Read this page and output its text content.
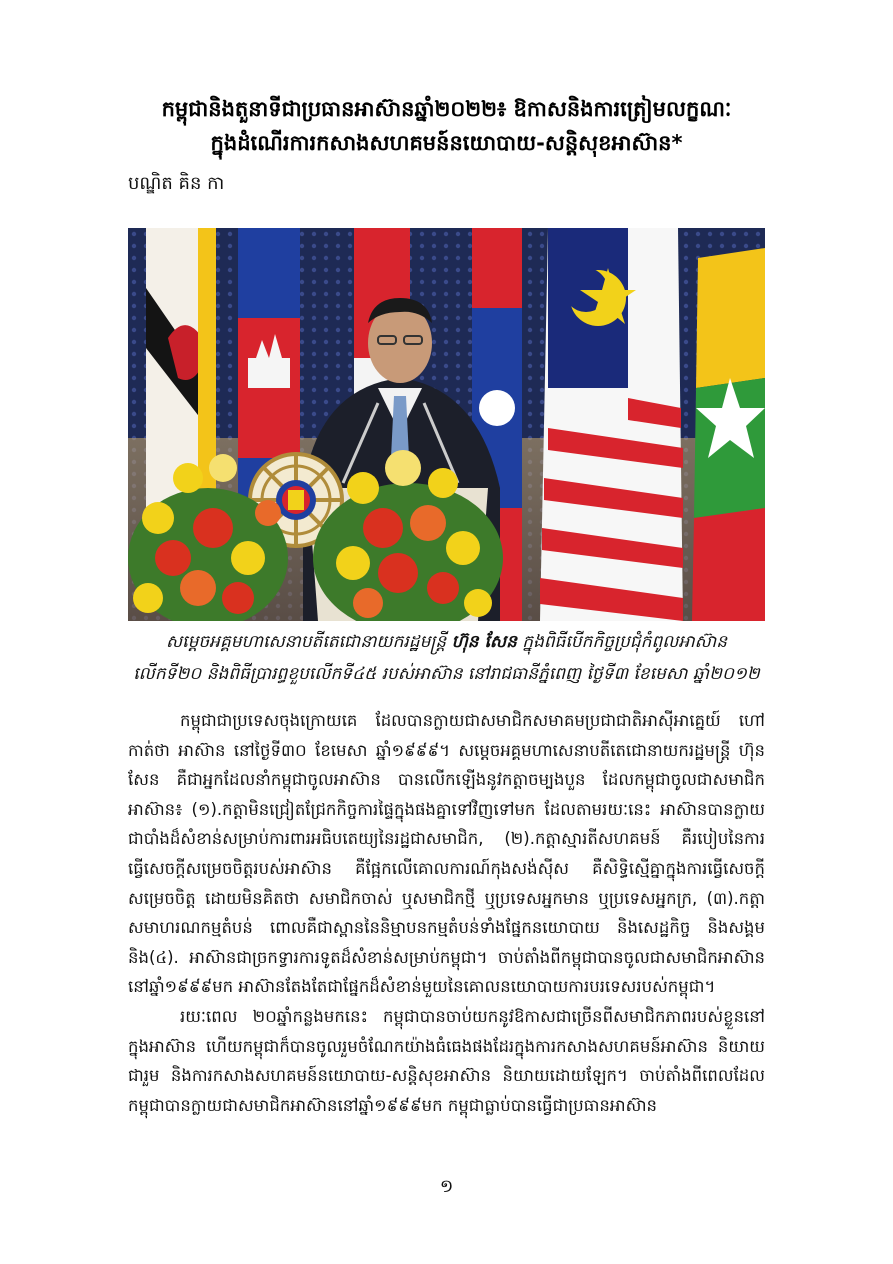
កម្ពុជានិងតួនាទីជាប្រធានអាស៊ានឆ្នាំ២០២២៖ ឱកាសនិងការត្រៀមលក្ខណៈ
ក្នុងដំណើរការកសាងសហគមន៍នយោបាយ-សន្តិសុខអាស៊ាន*
បណ្ឌិត គិន កា
សម្តេចអគ្គមហាសេនាបតីតេជោនាយករដ្ឋមន្ត្រី ហ៊ុន សែន ក្នុងពិធីបើកកិច្ចប្រជុំកំពូលអាស៊ាន
លើកទី២០ និងពិធីប្រារព្ធខួបលើកទី៤៥ របស់អាស៊ាន នៅរាជធានីភ្នំពេញ ថ្ងៃទី៣ ខែមេសា ឆ្នាំ២០១២

កម្ពុជាជាប្រទេសចុងក្រោយគេ ដែលបានក្លាយជាសមាជិកសមាគមប្រជាជាតិអាស៊ីអាគ្នេយ៍ ហៅកាត់ថា អាស៊ាន នៅថ្ងៃទី៣០ ខែមេសា ឆ្នាំ១៩៩៩។ សម្តេចអគ្គមហាសេនាបតីតេជោនាយករដ្ឋមន្ត្រី ហ៊ុន សែន គឺជាអ្នកដែលនាំកម្ពុជាចូលអាស៊ាន បានលើកឡើងនូវកត្តាចម្បងបួន ដែលកម្ពុជាចូលជាសមាជិកអាស៊ាន៖ (១).កត្តាមិនជ្រៀតជ្រែកកិច្ចការផ្ទៃក្នុងផងគ្នាទៅវិញទៅមក ដែលតាមរយៈនេះ អាស៊ានបានក្លាយជាបាំងដ៏សំខាន់សម្រាប់ការពារអធិបតេយ្យនៃរដ្ឋជាសមាជិក, (២).កត្តាស្មារតីសហគមន៍ គឺរបៀបនៃការធ្វើសេចក្តីសម្រេចចិត្តរបស់អាស៊ាន គឺផ្អែកលើគោលការណ៍កុងសង់ស៊ីស គឺសិទ្ធិស្មើគ្នាក្នុងការធ្វើសេចក្តីសម្រេចចិត្ត ដោយមិនគិតថា សមាជិកចាស់ ឬសមាជិកថ្មី ឬប្រទេសអ្នកមាន ឬប្រទេសអ្នកក្រ, (៣).កត្តាសមាហរណកម្មតំបន់ ពោលគឺជាស្ពាននៃនិម្មាបនកម្មតំបន់ទាំងផ្នែកនយោបាយ និងសេដ្ឋកិច្ច និងសង្គម និង(៤). អាស៊ានជាច្រកទ្វារការទូតដ៏សំខាន់សម្រាប់កម្ពុជា។ ចាប់តាំងពីកម្ពុជាបានចូលជាសមាជិកអាស៊ាននៅឆ្នាំ១៩៩៩មក អាស៊ានតែងតែជាផ្នែកដ៏សំខាន់មួយនៃគោលនយោបាយការបរទេសរបស់កម្ពុជា។

រយៈពេល ២០ឆ្នាំកន្លងមកនេះ កម្ពុជាបានចាប់យកនូវឱកាសជាច្រើនពីសមាជិកភាពរបស់ខ្លួននៅក្នុងអាស៊ាន ហើយកម្ពុជាក៏បានចូលរួមចំណែកយ៉ាងធំធេងផងដែរក្នុងការកសាងសហគមន៍អាស៊ាន និយាយជារួម និងការកសាងសហគមន៍នយោបាយ-សន្តិសុខអាស៊ាន និយាយដោយឡែក។ ចាប់តាំងពីពេលដែលកម្ពុជាបានក្លាយជាសមាជិកអាស៊ាននៅឆ្នាំ១៩៩៩មក កម្ពុជាធ្លាប់បានធ្វើជាប្រធានអាស៊ាន

១
